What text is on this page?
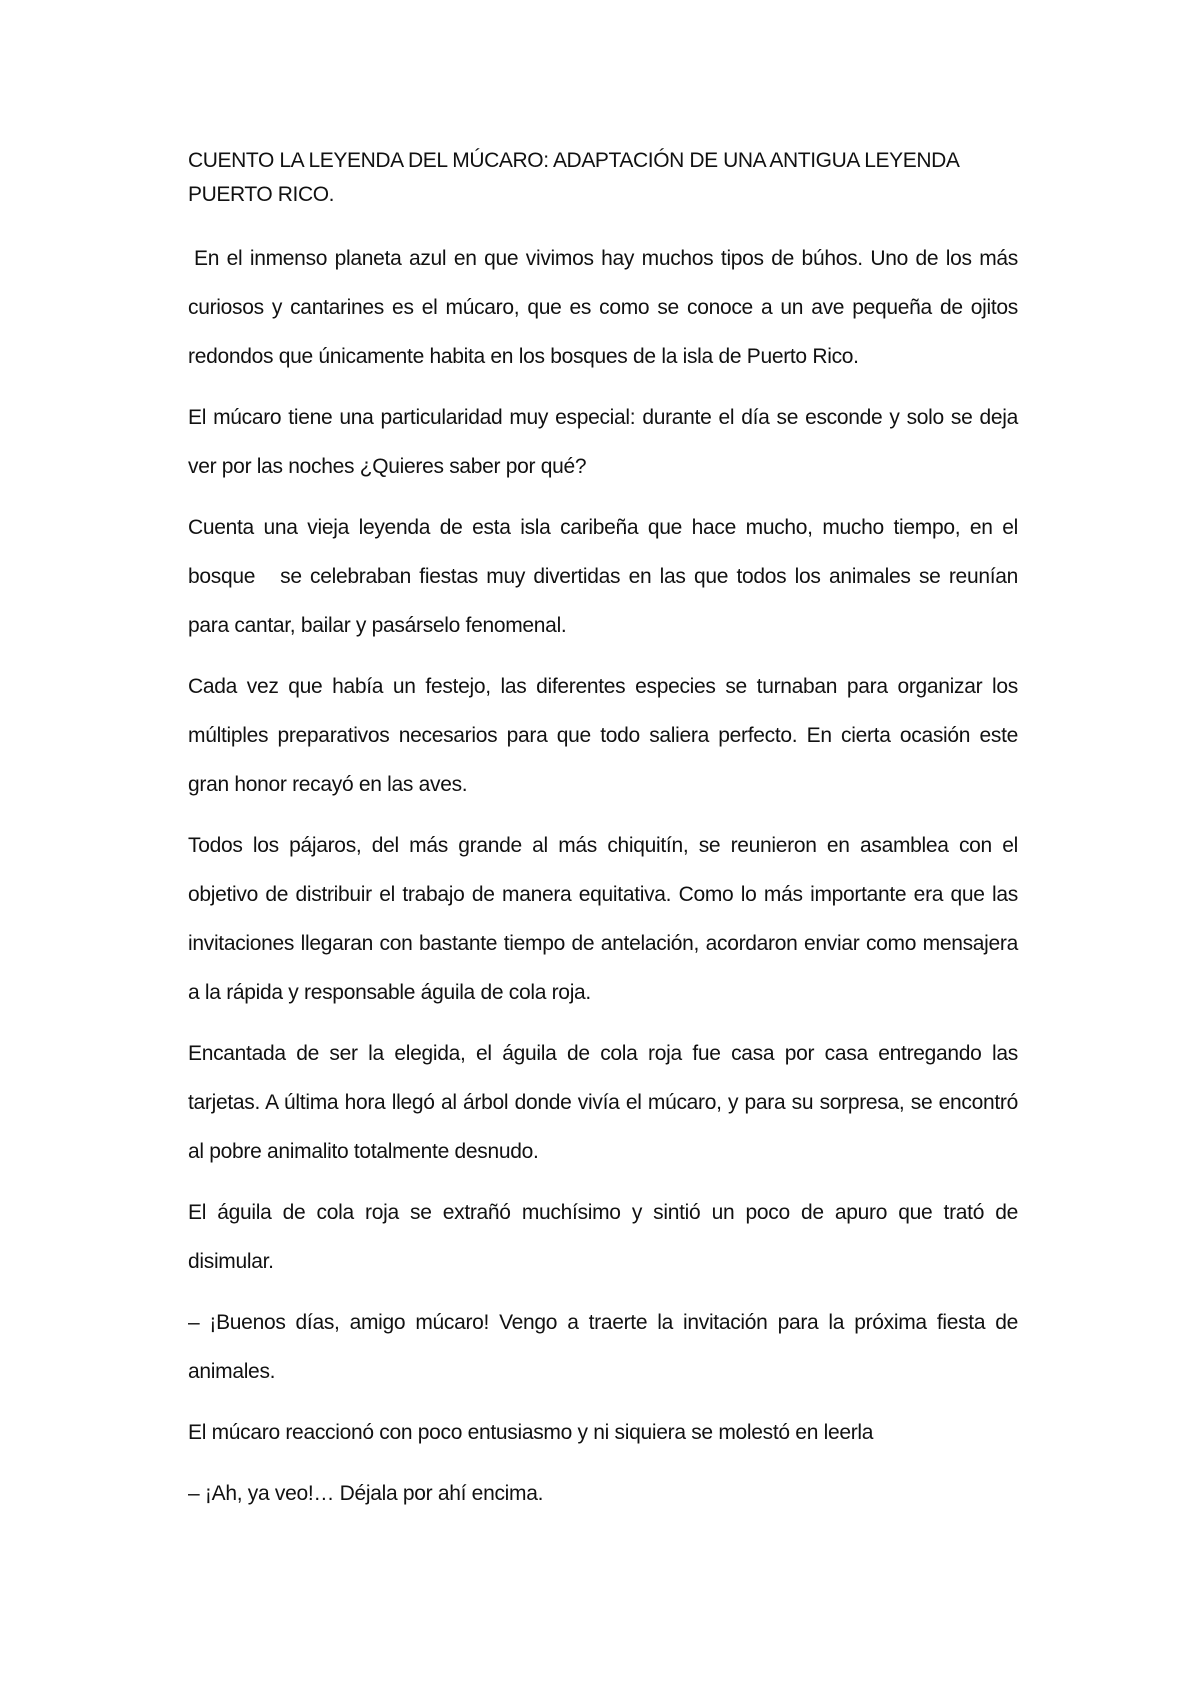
CUENTO LA LEYENDA DEL MÚCARO: ADAPTACIÓN DE UNA ANTIGUA LEYENDA PUERTO RICO.

En el inmenso planeta azul en que vivimos hay muchos tipos de búhos. Uno de los más curiosos y cantarines es el múcaro, que es como se conoce a un ave pequeña de ojitos redondos que únicamente habita en los bosques de la isla de Puerto Rico.

El múcaro tiene una particularidad muy especial: durante el día se esconde y solo se deja ver por las noches ¿Quieres saber por qué?

Cuenta una vieja leyenda de esta isla caribeña que hace mucho, mucho tiempo, en el bosque   se celebraban fiestas muy divertidas en las que todos los animales se reunían para cantar, bailar y pasárselo fenomenal.

Cada vez que había un festejo, las diferentes especies se turnaban para organizar los múltiples preparativos necesarios para que todo saliera perfecto. En cierta ocasión este gran honor recayó en las aves.

Todos los pájaros, del más grande al más chiquitín, se reunieron en asamblea con el objetivo de distribuir el trabajo de manera equitativa. Como lo más importante era que las invitaciones llegaran con bastante tiempo de antelación, acordaron enviar como mensajera a la rápida y responsable águila de cola roja.

Encantada de ser la elegida, el águila de cola roja fue casa por casa entregando las tarjetas. A última hora llegó al árbol donde vivía el múcaro, y para su sorpresa, se encontró al pobre animalito totalmente desnudo.

El águila de cola roja se extrañó muchísimo y sintió un poco de apuro que trató de disimular.

– ¡Buenos días, amigo múcaro! Vengo a traerte la invitación para la próxima fiesta de animales.

El múcaro reaccionó con poco entusiasmo y ni siquiera se molestó en leerla

– ¡Ah, ya veo!… Déjala por ahí encima.
